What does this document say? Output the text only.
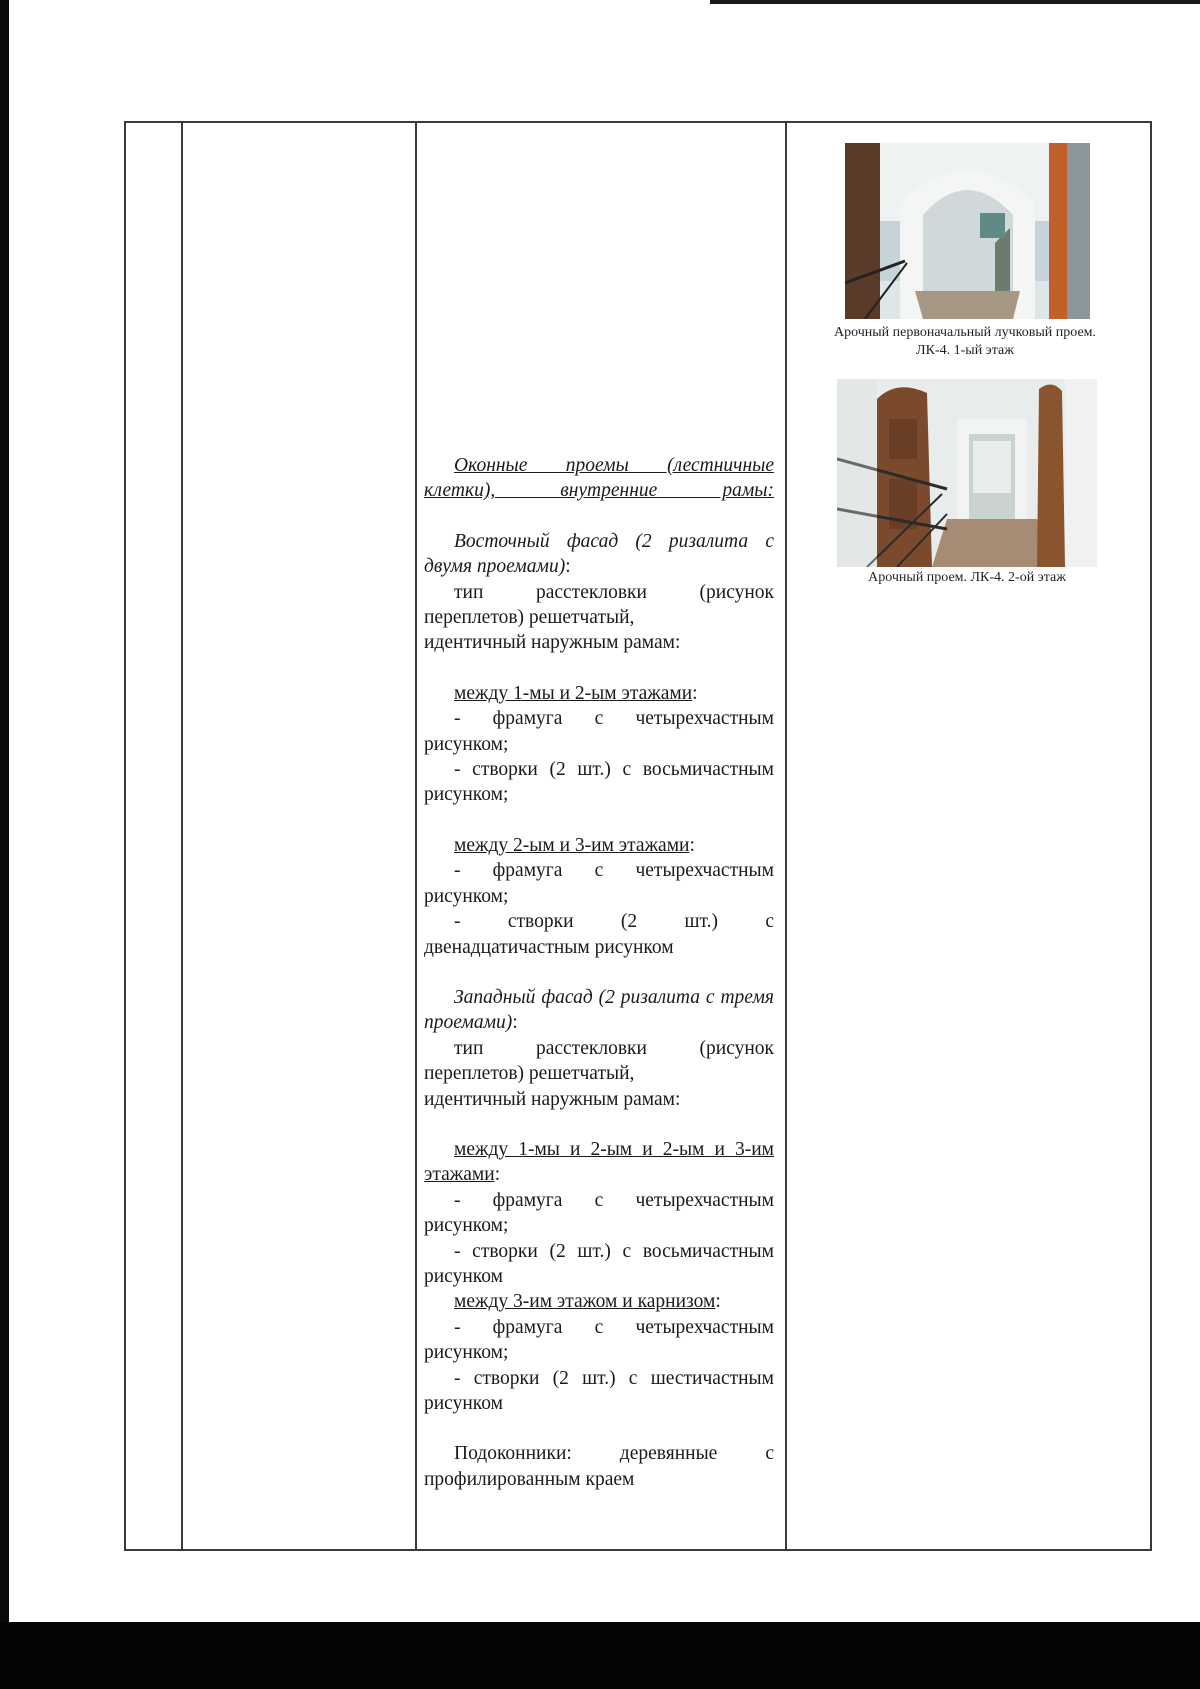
Арочный первоначальный лучковый проем.
ЛК-4. 1-ый этаж
Арочный проем. ЛК-4. 2-ой этаж

Оконные проемы (лестничные клетки), внутренние рамы:

Восточный фасад (2 ризалита с двумя проемами):

тип расстекловки (рисунок переплетов) решетчатый,

идентичный наружным рамам:

между 1-мы и 2-ым этажами:

- фрамуга с четырехчастным рисунком;

- створки (2 шт.) с восьмичастным рисунком;

между 2-ым и 3-им этажами:

- фрамуга с четырехчастным рисунком;

- створки (2 шт.) с двенадцатичастным рисунком

Западный фасад (2 ризалита с тремя проемами):

тип расстекловки (рисунок переплетов) решетчатый,

идентичный наружным рамам:

между 1-мы и 2-ым и 2-ым и 3-им этажами:

- фрамуга с четырехчастным рисунком;

- створки (2 шт.) с восьмичастным рисунком

между 3-им этажом и карнизом:

- фрамуга с четырехчастным рисунком;

- створки (2 шт.) с шестичастным рисунком

Подоконники: деревянные с профилированным краем
